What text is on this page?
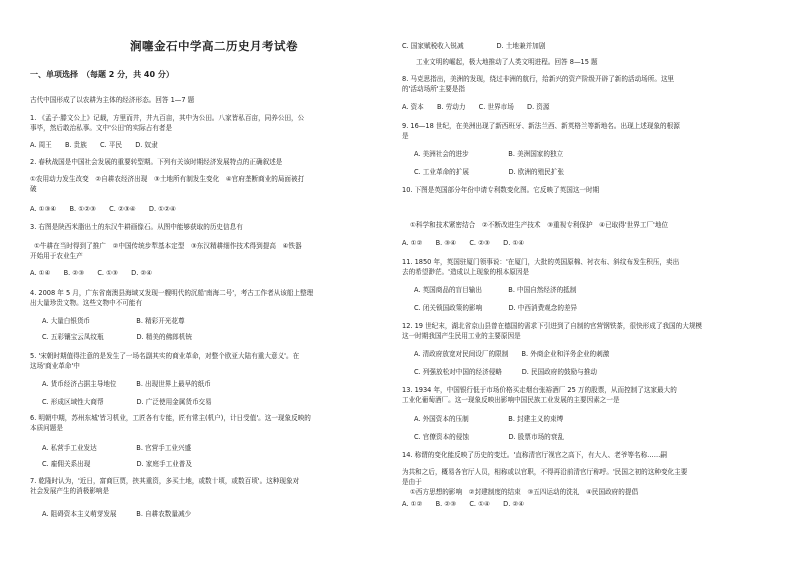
涧噻金石中学高二历史月考试卷
一、单项选择　（每题 2 分，共 40 分）
古代中国形成了以农耕为主体的经济形态。回答 1—7 题
1. 《孟子·滕文公上》记载，方里而井，井九百亩，其中为公田。八家皆私百亩，同养公田，公
事毕，然后敢治私事。文中'公田'的实际占有者是
A. 周王　　B. 贵族　　C. 平民　　D. 奴隶
2. 春秋战国是中国社会发展的重要转型期。下列有关该时期经济发展特点的正确叙述是
①农用动力发生改变　②自耕农经济出现　③土地所有制发生变化　④官府垄断商业的局面被打
破
A. ①③④　　B. ①②③　　C. ②③④　　D. ①②④
3. 右图是陕西米脂出土的东汉牛耕画像石。从图中能够获取的历史信息有
①牛耕在当时得到了推广　②中国传统步犁基本定型　③东汉精耕细作技术得到提高　④铁器
开始用于农业生产
A. ①④　　B. ②③　　C. ①③　　D. ②④
4. 2008 年 5 月，广东省南澳县海域又发现一艘明代的沉船'南海二号'，考古工作者从该船上整理
出大量珍贵文物。这些文物中不可能有
A. 大量白银货币　　　　　　　B. 精彩开光花尊
C. 五彩镶宝云凤纹瓶　　　　　D. 精美的佛郎机铳
5. '宋朝时期值得注意的是发生了一场名副其实的商业革命，对整个欧亚大陆有重大意义'。在
这场'商业革命'中
A. 货币经济占据主导地位　　　B. 出现世界上最早的纸币
C. 形成区域性大商帮　　　　　D. 广泛使用金属货币交易
6. 明朝中期，苏州东城'皆习机业，工匠各有专能，匠有常主(机户)，计日受值'。这一现象反映的
本质问题是
A. 私营手工业发达　　　　　　B. 官营手工业兴盛
C. 雇佣关系出现　　　　　　　D. 家庭手工业普及
7. 乾隆时认为，'近日，富商巨贾，挟其重资，多买土地，或数十顷，或数百顷'。这种现象对
社会发展产生的消极影响是
A. 阻碍资本主义萌芽发展　　　B. 自耕农数量减少
C. 国家赋税收入锐减　　　　　D. 土地兼并加剧
工业文明的崛起，极大地推动了人类文明进程。回答 8—15 题
8. 马克思指出，美洲的发现，绕过非洲的航行，给新兴的资产阶级开辟了新的活动场所。这里
的'活动场所'主要是指
A. 资本　　B. 劳动力　　C. 世界市场　　D. 资源
9. 16—18 世纪，在美洲出现了新西班牙、新法兰西、新英格兰等新地名。出现上述现象的根源
是
A. 美洲社会的进步　　　　　　B. 美洲国家的独立
C. 工业革命的扩展　　　　　　D. 欧洲的殖民扩张
10. 下图是英国部分年份申请专利数变化图。它反映了英国这一时期
①科学和技术紧密结合　②不断改进生产技术　③重视专利保护　④已取得'世界工厂'地位
A. ①②　　B. ③④　　C. ②③　　D. ①④
11. 1850 年，英国驻厦门领事说：'在厦门，大批的英国原棉、衬衣布、斜纹布发生积压，卖出
去的希望渺茫。'造成以上现象的根本原因是
A. 英国商品的盲目输出　　　　B. 中国自然经济的抵制
C. 闭关锁国政策的影响　　　　D. 中西消费观念的差异
12. 19 世纪末，湖北省京山县曾在德国的需求下引进到了自制的官营钢铁茶，很快形成了我国的大规模
这一时期我国产生民用工业的主要原因是
A. 清政府放宽对民间设厂的限制　　B. 外商企业和洋务企业的刺激
C. 列强放松对中国的经济侵略　　　D. 民国政府的鼓励与推动
13. 1934 年，中国银行低于市场价格买走烟台张裕酒厂 25 万的股票，从而控制了这家最大的
工业化葡萄酒厂。这一现象反映出影响中国民族工业发展的主要因素之一是
A. 外国资本的压制　　　　　　B. 封建主义的束缚
C. 官僚资本的侵蚀　　　　　　D. 股票市场的衰乱
14. 称谓的变化能反映了历史的变迁。'直称清官厅视官之高下，有大人、老爷等名称……嗣
为共和之后，概易各官厅人员，相称或以官职，不得再沿前清官厅称呼。'民国之初的这种变化主要
是由于
①西方思想的影响　②封建制度的结束　③五四运动的洗礼　④民国政府的提倡
A. ①②　　B. ②③　　C. ①④　　D. ②④
